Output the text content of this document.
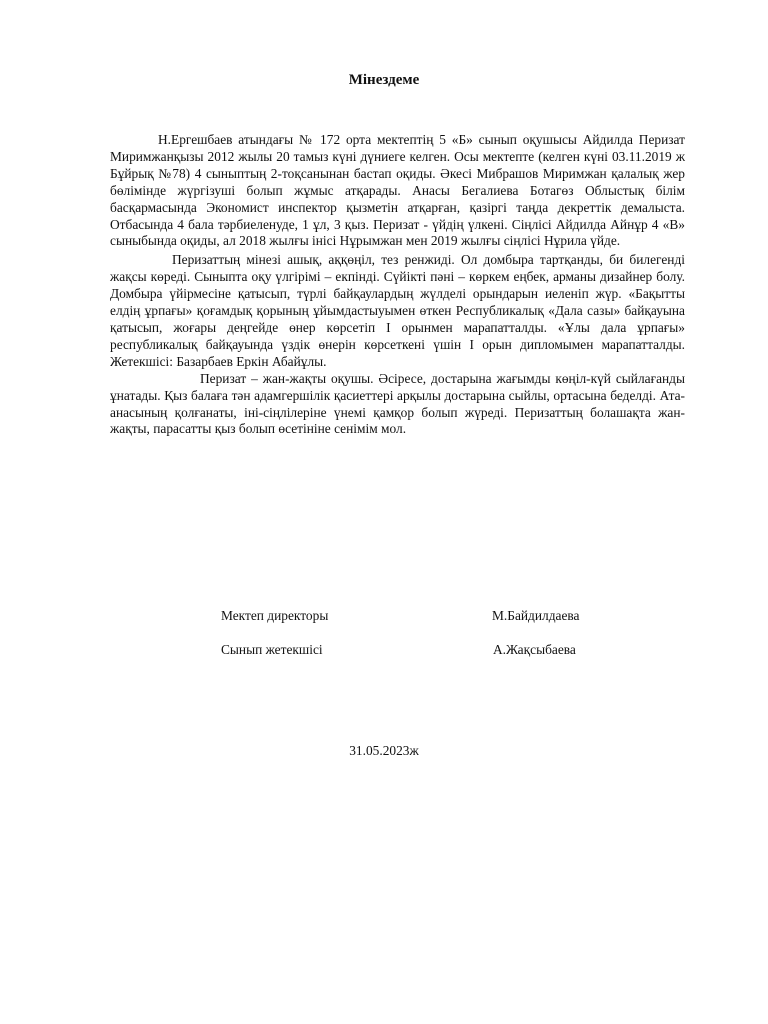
Мінездеме

Н.Ергешбаев атындағы № 172 орта мектептің 5 «Б» сынып оқушысы Айдилда Перизат Миримжанқызы 2012 жылы 20 тамыз күні дүниеге келген. Осы мектепте (келген күні 03.11.2019 ж Бұйрық №78) 4 сыныптың 2-тоқсанынан бастап оқиды. Әкесі Мибрашов Миримжан қалалық жер бөлімінде жүргізуші болып жұмыс атқарады. Анасы Бегалиева Ботагөз Облыстық білім басқармасында Экономист инспектор қызметін атқарған, қазіргі таңда декреттік демалыста. Отбасында 4 бала тәрбиеленуде, 1 ұл, 3 қыз. Перизат - үйдің үлкені. Сіңлісі Айдилда Айнұр 4 «В» сыныбында оқиды, ал 2018 жылғы інісі Нұрымжан мен 2019 жылғы сіңлісі Нұрила үйде.

Перизаттың мінезі ашық, аққөңіл, тез ренжиді. Ол домбыра тартқанды, би билегенді жақсы көреді. Сыныпта оқу үлгірімі – екпінді. Сүйікті пәні – көркем еңбек, арманы дизайнер болу. Домбыра үйірмесіне қатысып, түрлі байқаулардың жүлделі орындарын иеленіп жүр. «Бақытты елдің ұрпағы» қоғамдық қорының ұйымдастыуымен өткен Республикалық «Дала сазы» байқауына қатысып, жоғары деңгейде өнер көрсетіп І орынмен марапатталды. «Ұлы дала ұрпағы» республикалық байқауында үздік өнерін көрсеткені үшін І орын дипломымен марапатталды. Жетекшісі: Базарбаев Еркін Абайұлы.

Перизат – жан-жақты оқушы. Әсіресе, достарына жағымды көңіл-күй сыйлағанды ұнатады. Қыз балаға тән адамгершілік қасиеттері арқылы достарына сыйлы, ортасына беделді. Ата-анасының қолғанаты, іні-сіңлілеріне үнемі қамқор болып жүреді. Перизаттың болашақта жан-жақты, парасатты қыз болып өсетініне сенімім мол.

Мектеп директоры	М.Байдилдаева
Сынып жетекшісі	А.Жақсыбаева
31.05.2023ж
